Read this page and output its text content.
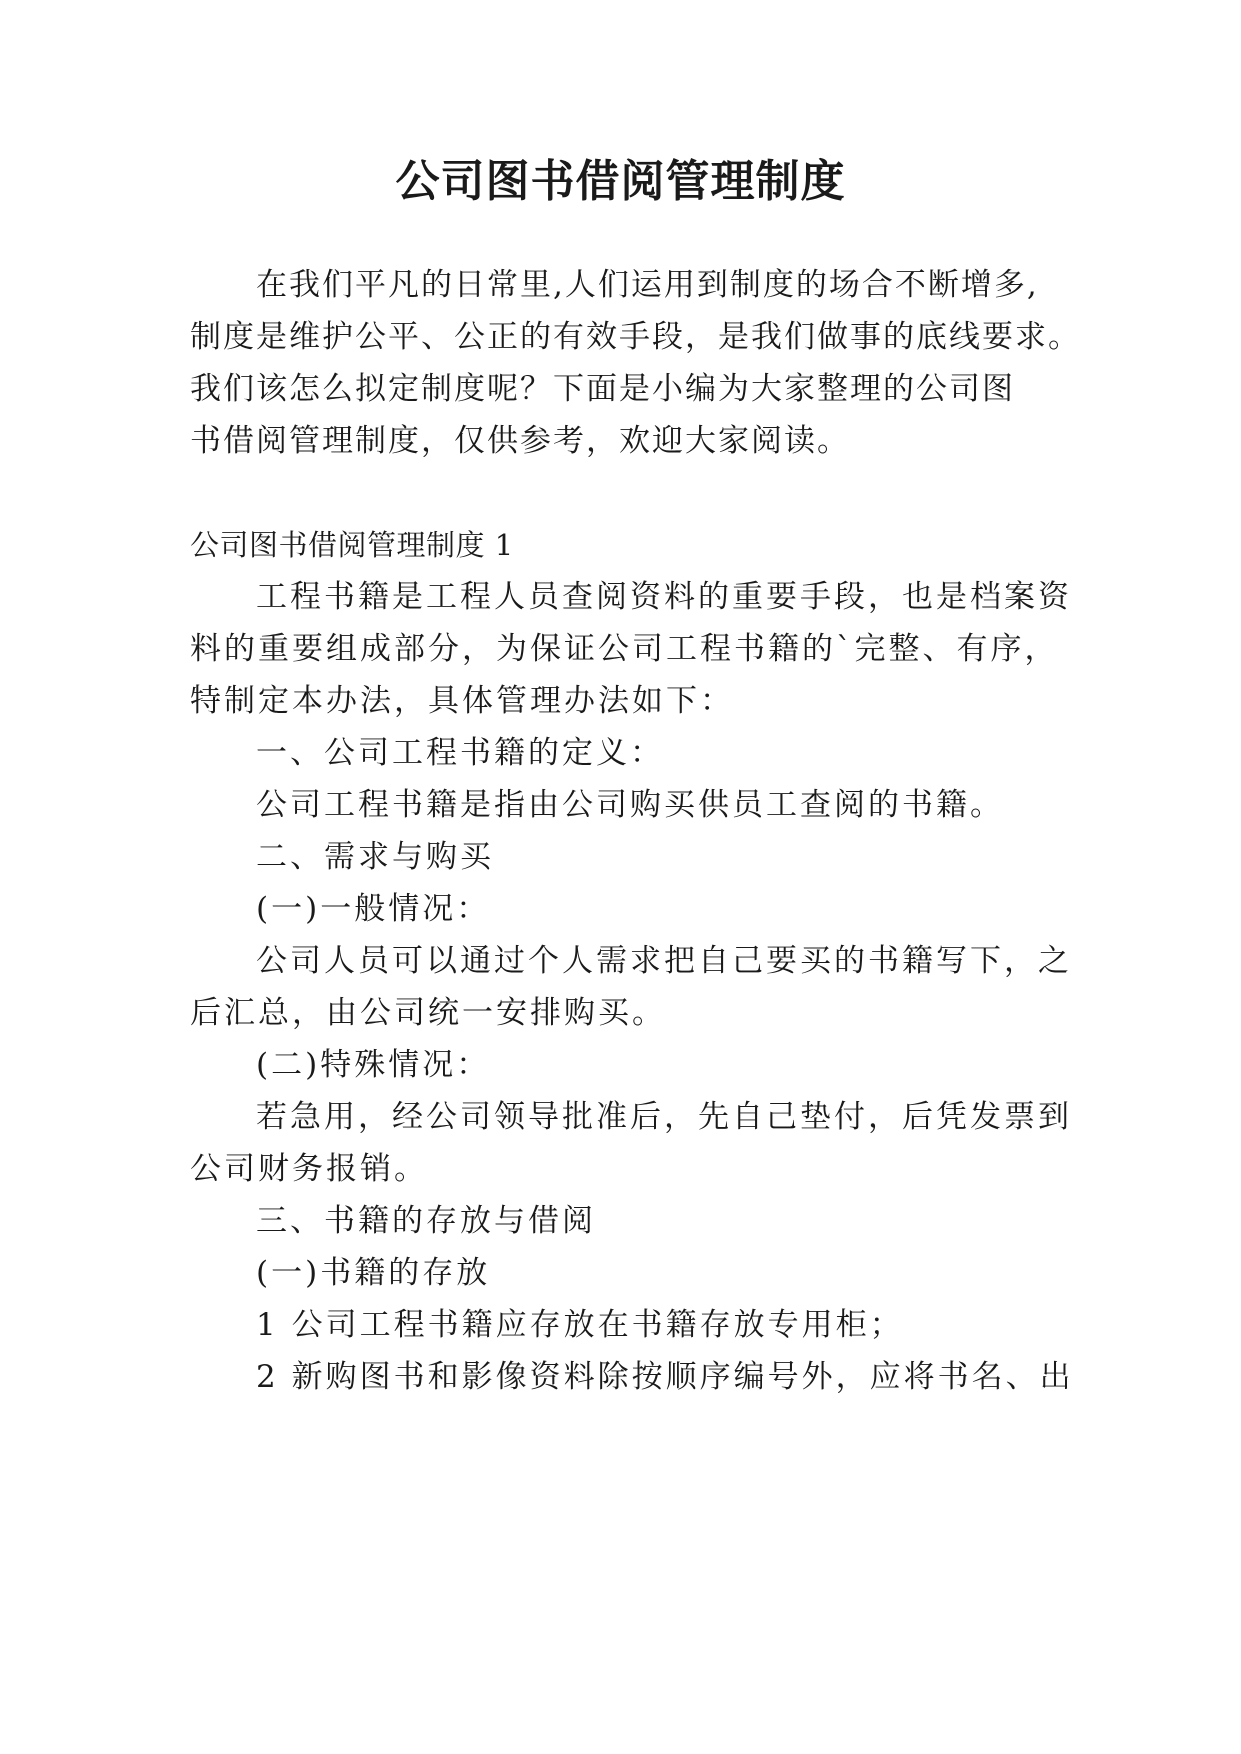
公司图书借阅管理制度

在我们平凡的日常里,人们运用到制度的场合不断增多,

制度是维护公平、公正的有效手段，是我们做事的底线要求。

我们该怎么拟定制度呢？下面是小编为大家整理的公司图

书借阅管理制度，仅供参考，欢迎大家阅读。

公司图书借阅管理制度 1

工程书籍是工程人员查阅资料的重要手段，也是档案资

料的重要组成部分，为保证公司工程书籍的`完整、有序，

特制定本办法，具体管理办法如下：

一、公司工程书籍的定义：

公司工程书籍是指由公司购买供员工查阅的书籍。

二、需求与购买

(一)一般情况：

公司人员可以通过个人需求把自己要买的书籍写下，之

后汇总，由公司统一安排购买。

(二)特殊情况：

若急用，经公司领导批准后，先自己垫付，后凭发票到

公司财务报销。

三、书籍的存放与借阅

(一)书籍的存放

1 公司工程书籍应存放在书籍存放专用柜；

2 新购图书和影像资料除按顺序编号外，应将书名、出
